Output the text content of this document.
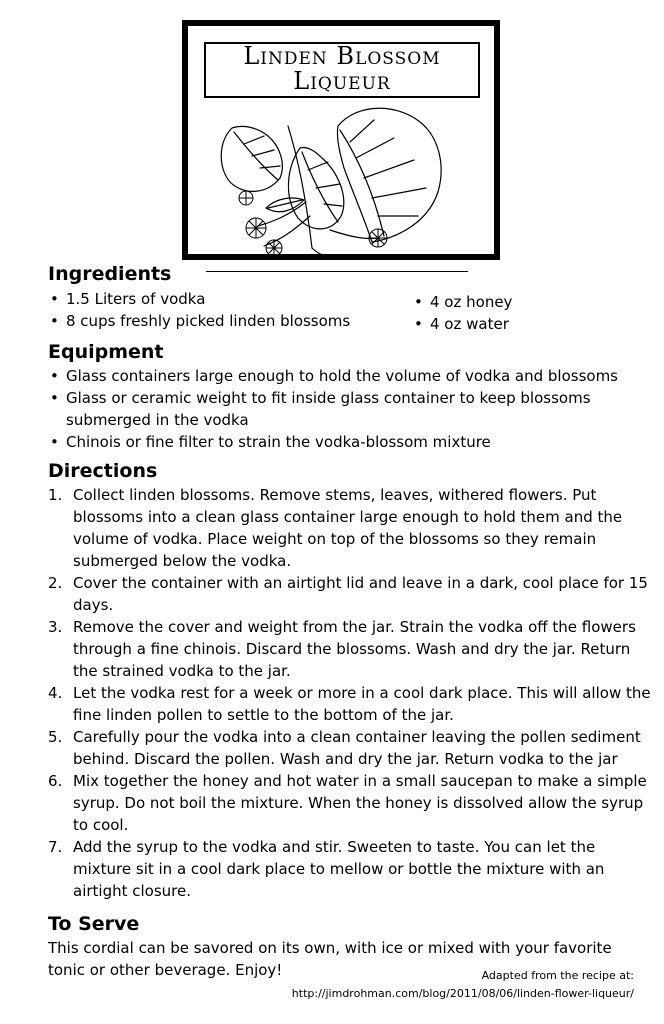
Linden Blossom
Liqueur
Ingredients
• 1.5 Liters of vodka
• 8 cups freshly picked linden blossoms
• 4 oz honey
• 4 oz water
Equipment
• Glass containers large enough to hold the volume of vodka and blossoms
• Glass or ceramic weight to fit inside glass container to keep blossoms submerged in the vodka
• Chinois or fine filter to strain the vodka-blossom mixture
Directions
1. Collect linden blossoms. Remove stems, leaves, withered flowers. Put blossoms into a clean glass container large enough to hold them and the volume of vodka. Place weight on top of the blossoms so they remain submerged below the vodka.
2. Cover the container with an airtight lid and leave in a dark, cool place for 15 days.
3. Remove the cover and weight from the jar. Strain the vodka off the flowers through a fine chinois. Discard the blossoms. Wash and dry the jar. Return the strained vodka to the jar.
4. Let the vodka rest for a week or more in a cool dark place. This will allow the fine linden pollen to settle to the bottom of the jar.
5. Carefully pour the vodka into a clean container leaving the pollen sediment behind. Discard the pollen. Wash and dry the jar. Return vodka to the jar
6. Mix together the honey and hot water in a small saucepan to make a simple syrup. Do not boil the mixture. When the honey is dissolved allow the syrup to cool.
7. Add the syrup to the vodka and stir. Sweeten to taste. You can let the mixture sit in a cool dark place to mellow or bottle the mixture with an airtight closure.
To Serve

This cordial can be savored on its own, with ice or mixed with your favorite tonic or other beverage. Enjoy!	Adapted from the recipe at:

http://jimdrohman.com/blog/2011/08/06/linden-flower-liqueur/
